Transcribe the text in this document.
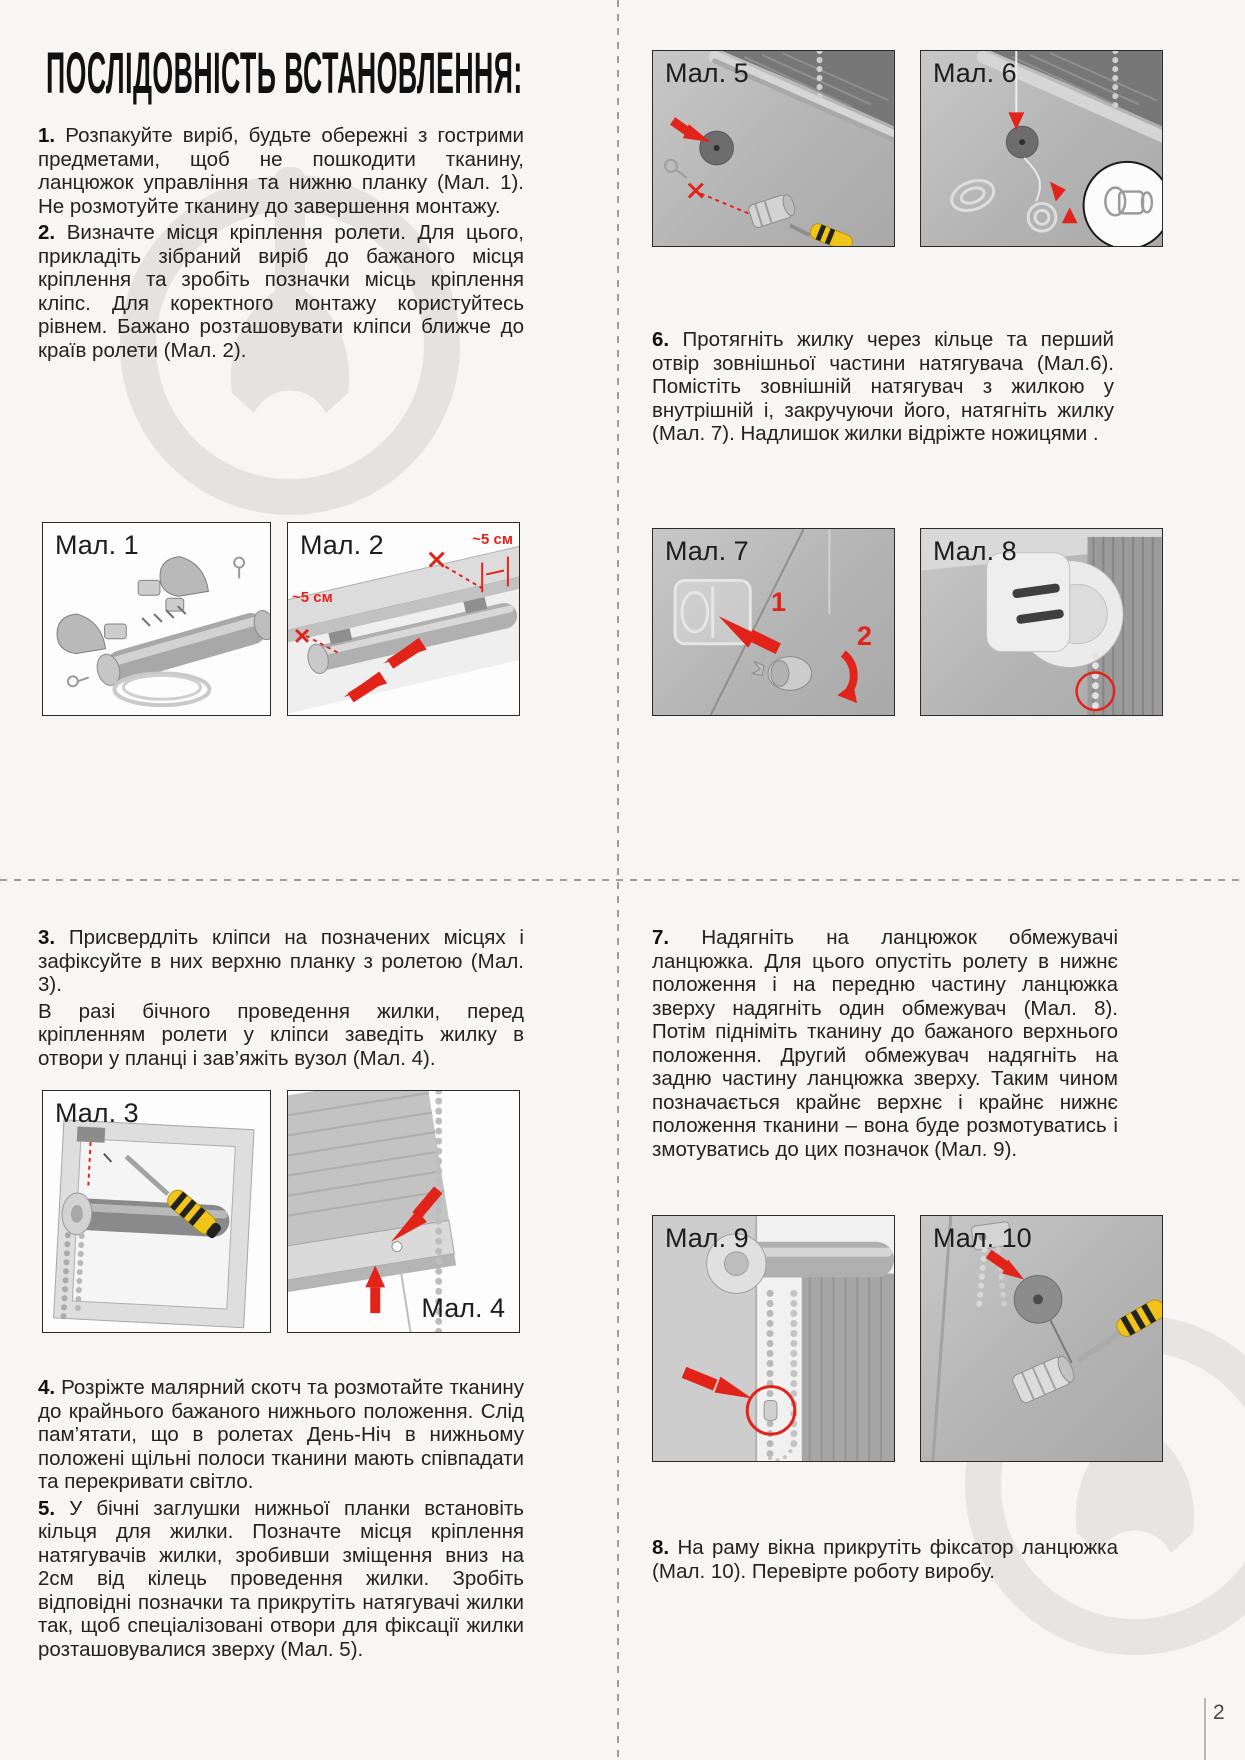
ПОСЛІДОВНІСТЬ ВСТАНОВЛЕННЯ:
1. Розпакуйте виріб, будьте обережні з гострими предметами, щоб не пошкодити тканину, ланцюжок управління та нижню планку (Мал. 1). Не розмотуйте тканину до завершення монтажу.
2. Визначте місця кріплення ролети. Для цього, прикладіть зібраний виріб до бажаного місця кріплення та зробіть позначки місць кріплення кліпс. Для коректного монтажу користуйтесь рівнем. Бажано розташовувати кліпси ближче до країв ролети (Мал. 2).	6. Протягніть жилку через кільце та перший отвір зовнішньої частини натягувача (Мал.6). Помістіть зовнішній натягувач з жилкою у внутрішній і, закручуючи його, натягніть жилку (Мал. 7). Надлишок жилки відріжте ножицями .
3. Присвердліть кліпси на позначених місцях і зафіксуйте в них верхню планку з ролетою (Мал. 3).
В разі бічного проведення жилки, перед кріпленням ролети у кліпси заведіть жилку в отвори у планці і зав’яжіть вузол (Мал. 4).
7. Надягніть на ланцюжок обмежувачі ланцюжка. Для цього опустіть ролету в нижнє положення і на передню частину ланцюжка зверху надягніть один обмежувач (Мал. 8). Потім підніміть тканину до бажаного верхнього положення. Другий обмежувач надягніть на задню частину ланцюжка зверху. Таким чином позначається крайнє верхнє і крайнє нижнє положення тканини – вона буде розмотуватись і змотуватись до цих позначок (Мал. 9).
4. Розріжте малярний скотч та розмотайте тканину до крайнього бажаного нижнього положення. Слід пам’ятати, що в ролетах День-Ніч в нижньому положені щільні полоси тканини мають співпадати та перекривати світло.
5. У бічні заглушки нижньої планки встановіть кільця для жилки. Позначте місця кріплення натягувачів жилки, зробивши зміщення вниз на 2см від кілець проведення жилки. Зробіть відповідні позначки та прикрутіть натягувачі жилки так, щоб спеціалізовані отвори для фіксації жилки розташовувалися зверху (Мал. 5).
8. На раму вікна прикрутіть фіксатор ланцюжка (Мал. 10). Перевірте роботу виробу.
Мал. 1	~5 см
~5 см
Мал. 2
Мал. 3
Мал. 4
Мал. 5	Мал. 6
1
2
Мал. 7	Мал. 8
Мал. 9	Мал. 10
2
